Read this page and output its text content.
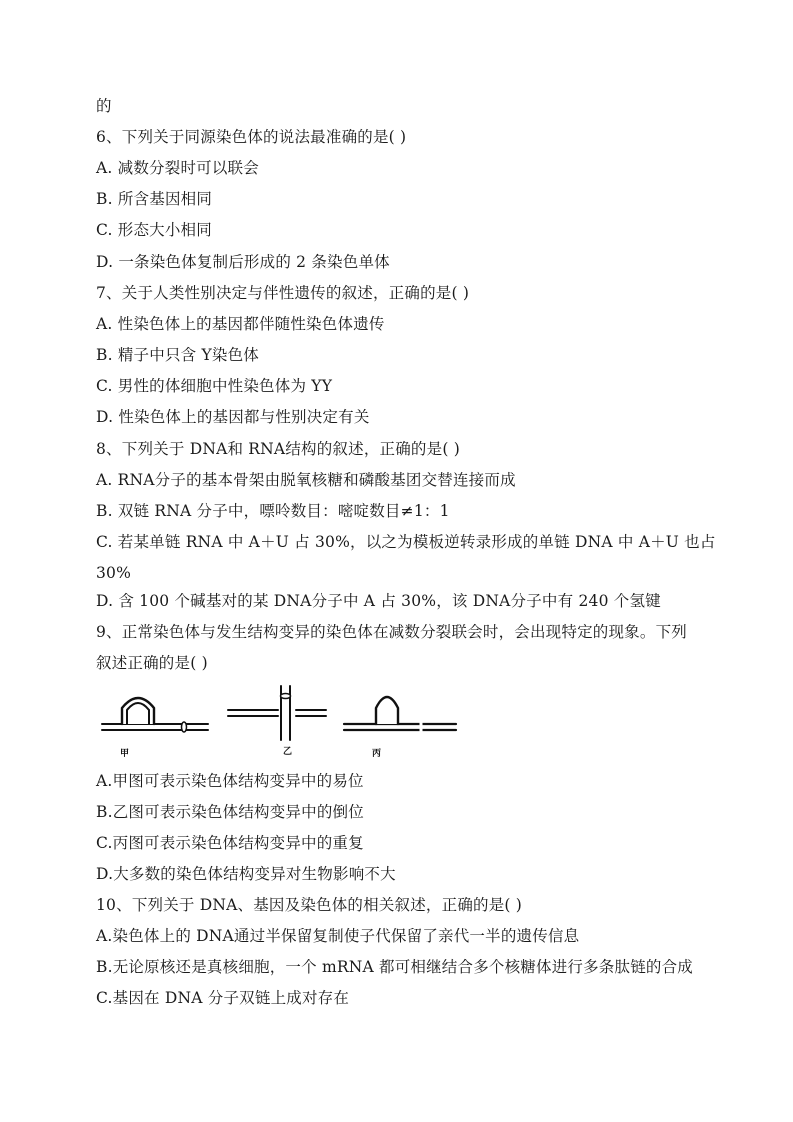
的
6、下列关于同源染色体的说法最准确的是( )
A. 减数分裂时可以联会
B. 所含基因相同
C. 形态大小相同
D. 一条染色体复制后形成的 2 条染色单体
7、关于人类性别决定与伴性遗传的叙述，正确的是( )
A. 性染色体上的基因都伴随性染色体遗传
B. 精子中只含 Y染色体
C. 男性的体细胞中性染色体为 YY
D. 性染色体上的基因都与性别决定有关
8、下列关于 DNA和 RNA结构的叙述，正确的是( )
A. RNA分子的基本骨架由脱氧核糖和磷酸基团交替连接而成
B. 双链 RNA 分子中，嘌呤数目：嘧啶数目≠1：1
C. 若某单链 RNA 中 A＋U 占 30%，以之为模板逆转录形成的单链 DNA 中 A＋U 也占
30%
D. 含 100 个碱基对的某 DNA分子中 A 占 30%，该 DNA分子中有 240 个氢键
9、正常染色体与发生结构变异的染色体在减数分裂联会时，会出现特定的现象。下列
叙述正确的是( )
甲	乙	丙
A.甲图可表示染色体结构变异中的易位
B.乙图可表示染色体结构变异中的倒位
C.丙图可表示染色体结构变异中的重复
D.大多数的染色体结构变异对生物影响不大
10、下列关于 DNA、基因及染色体的相关叙述，正确的是( )
A.染色体上的 DNA通过半保留复制使子代保留了亲代一半的遗传信息
B.无论原核还是真核细胞，一个 mRNA 都可相继结合多个核糖体进行多条肽链的合成
C.基因在 DNA 分子双链上成对存在
